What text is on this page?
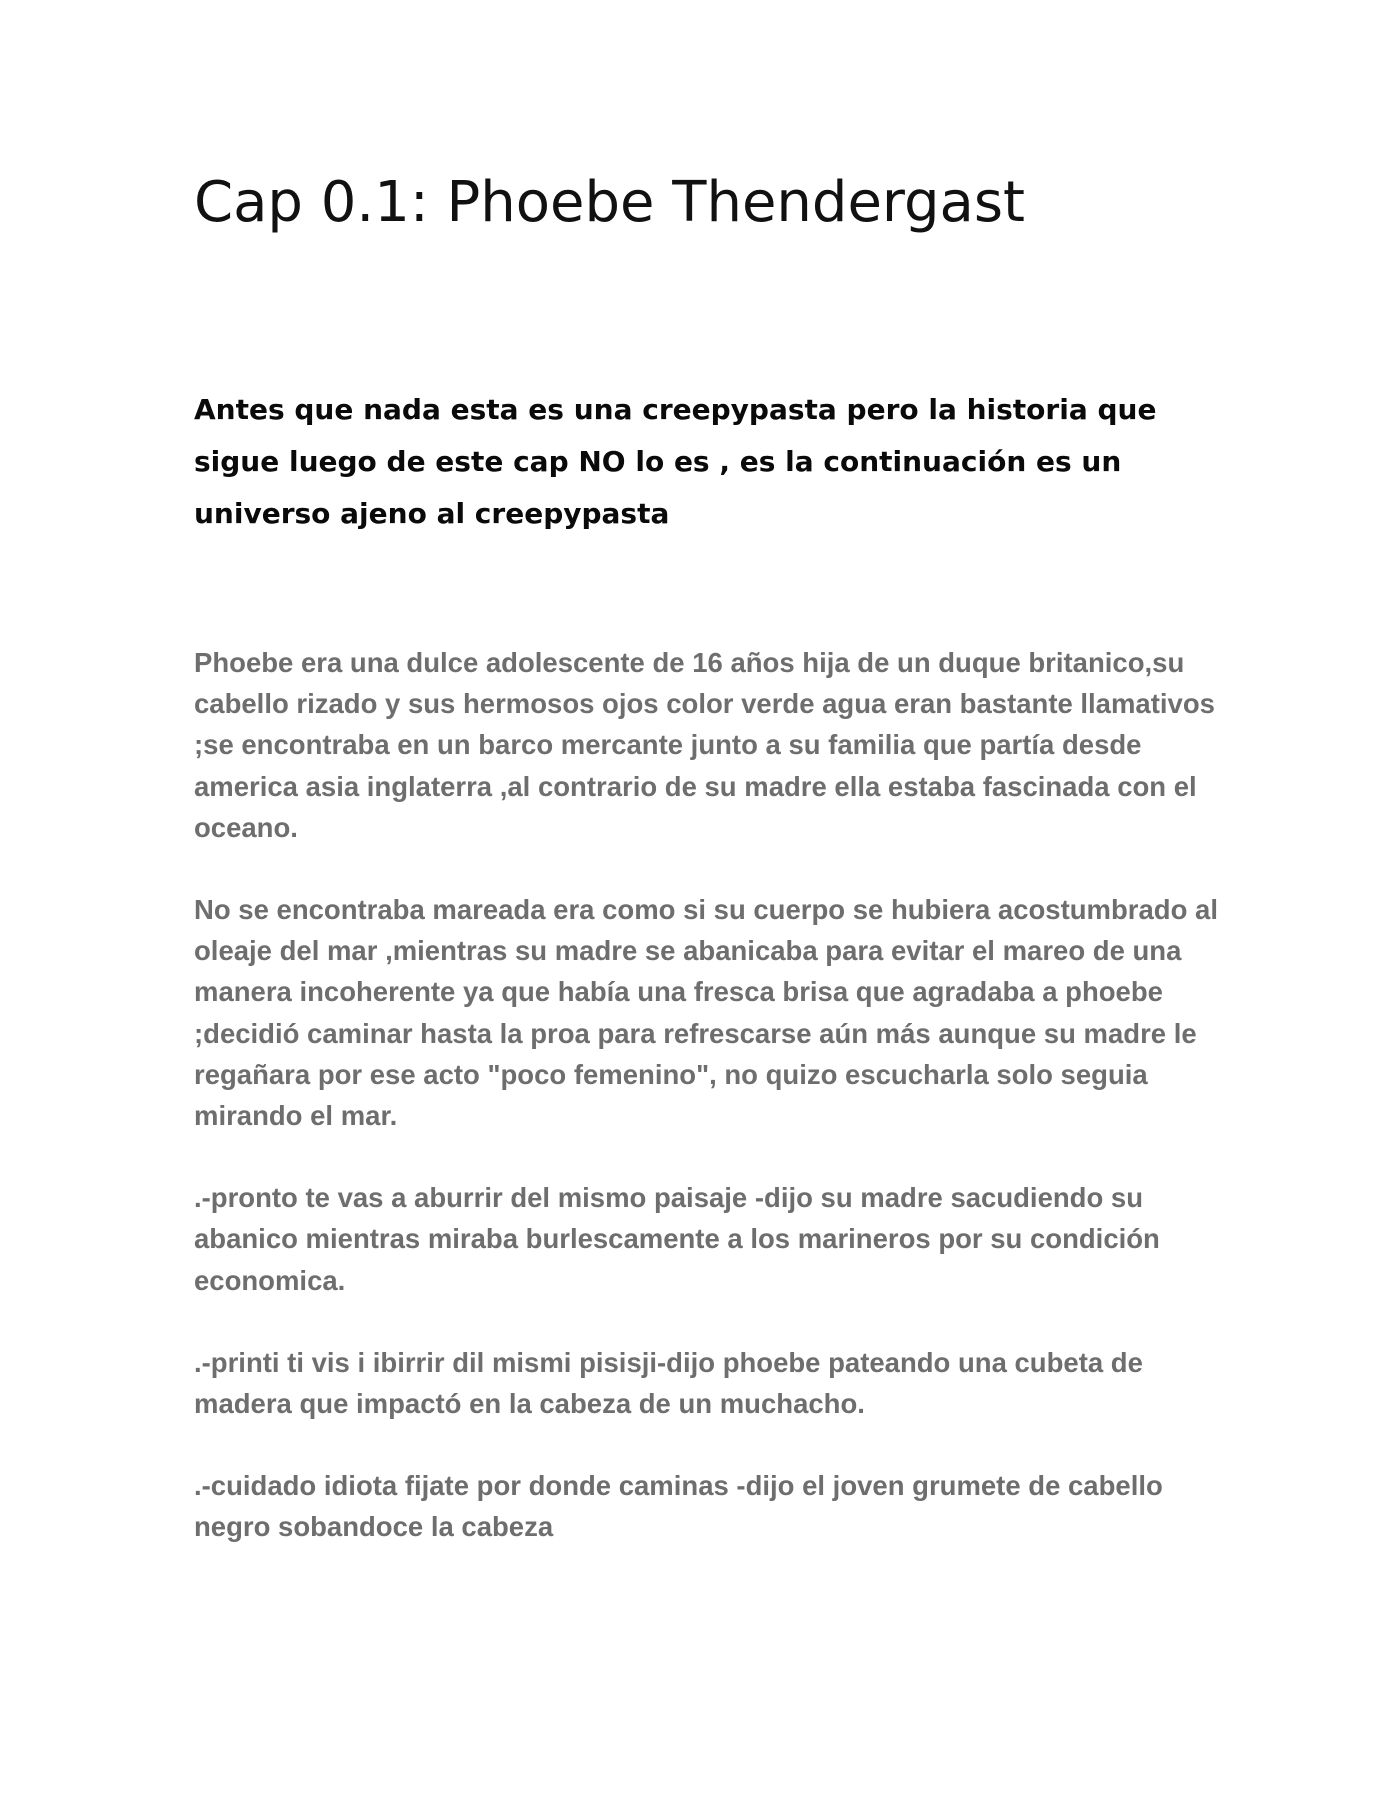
Cap 0.1: Phoebe Thendergast

Antes que nada esta es una creepypasta pero la historia que sigue luego de este cap NO lo es , es la continuación es un universo ajeno al creepypasta

Phoebe era una dulce adolescente de 16 años hija de un duque britanico,su cabello rizado y sus hermosos ojos color verde agua eran bastante llamativos ;se encontraba en un barco mercante junto a su familia que partía desde america asia inglaterra ,al contrario de su madre ella estaba fascinada con el oceano.

No se encontraba mareada era como si su cuerpo se hubiera acostumbrado al oleaje del mar ,mientras su madre se abanicaba para evitar el mareo de una manera incoherente ya que había una fresca brisa que agradaba a phoebe ;decidió caminar hasta la proa para refrescarse aún más aunque su madre le regañara por ese acto "poco femenino", no quizo escucharla solo seguia mirando el mar.

.-pronto te vas a aburrir del mismo paisaje -dijo su madre sacudiendo su abanico mientras miraba burlescamente a los marineros por su condición economica.

.-printi ti vis i ibirrir dil mismi pisisji-dijo phoebe pateando una cubeta de madera que impactó en la cabeza de un muchacho.

.-cuidado idiota fijate por donde caminas -dijo el joven grumete de cabello negro sobandoce la cabeza
